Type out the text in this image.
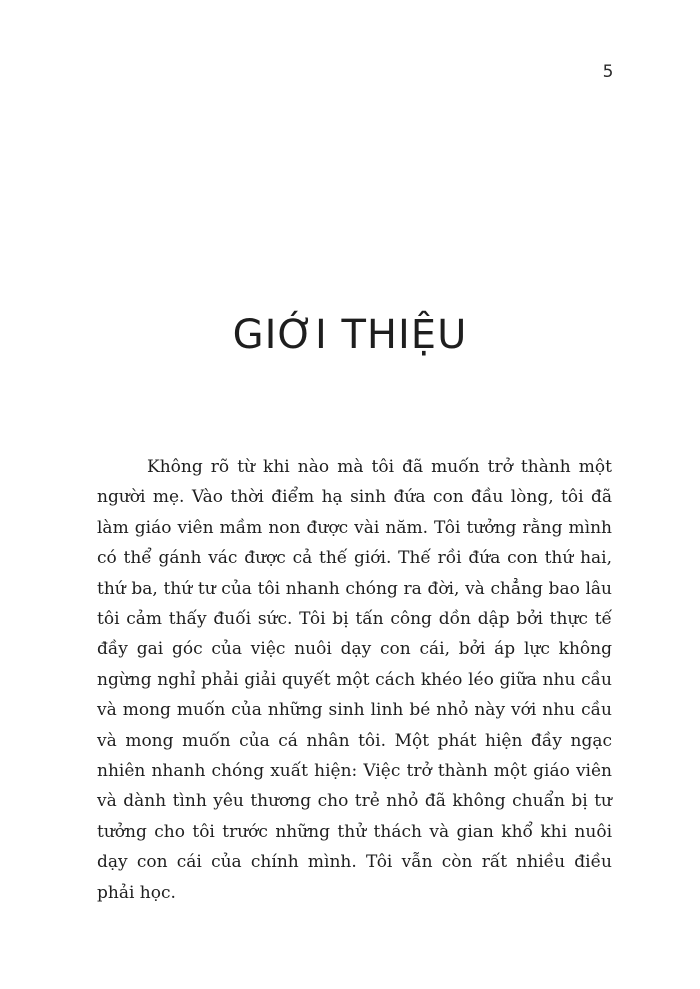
5
GIỚI THIỆU

Không rõ từ khi nào mà tôi đã muốn trở thành một người mẹ. Vào thời điểm hạ sinh đứa con đầu lòng, tôi đã làm giáo viên mầm non được vài năm. Tôi tưởng rằng mình có thể gánh vác được cả thế giới. Thế rồi đứa con thứ hai, thứ ba, thứ tư của tôi nhanh chóng ra đời, và chẳng bao lâu tôi cảm thấy đuối sức. Tôi bị tấn công dồn dập bởi thực tế đầy gai góc của việc nuôi dạy con cái, bởi áp lực không ngừng nghỉ phải giải quyết một cách khéo léo giữa nhu cầu và mong muốn của những sinh linh bé nhỏ này với nhu cầu và mong muốn của cá nhân tôi. Một phát hiện đầy ngạc nhiên nhanh chóng xuất hiện: Việc trở thành một giáo viên và dành tình yêu thương cho trẻ nhỏ đã không chuẩn bị tư tưởng cho tôi trước những thử thách và gian khổ khi nuôi dạy con cái của chính mình. Tôi vẫn còn rất nhiều điều phải học.
